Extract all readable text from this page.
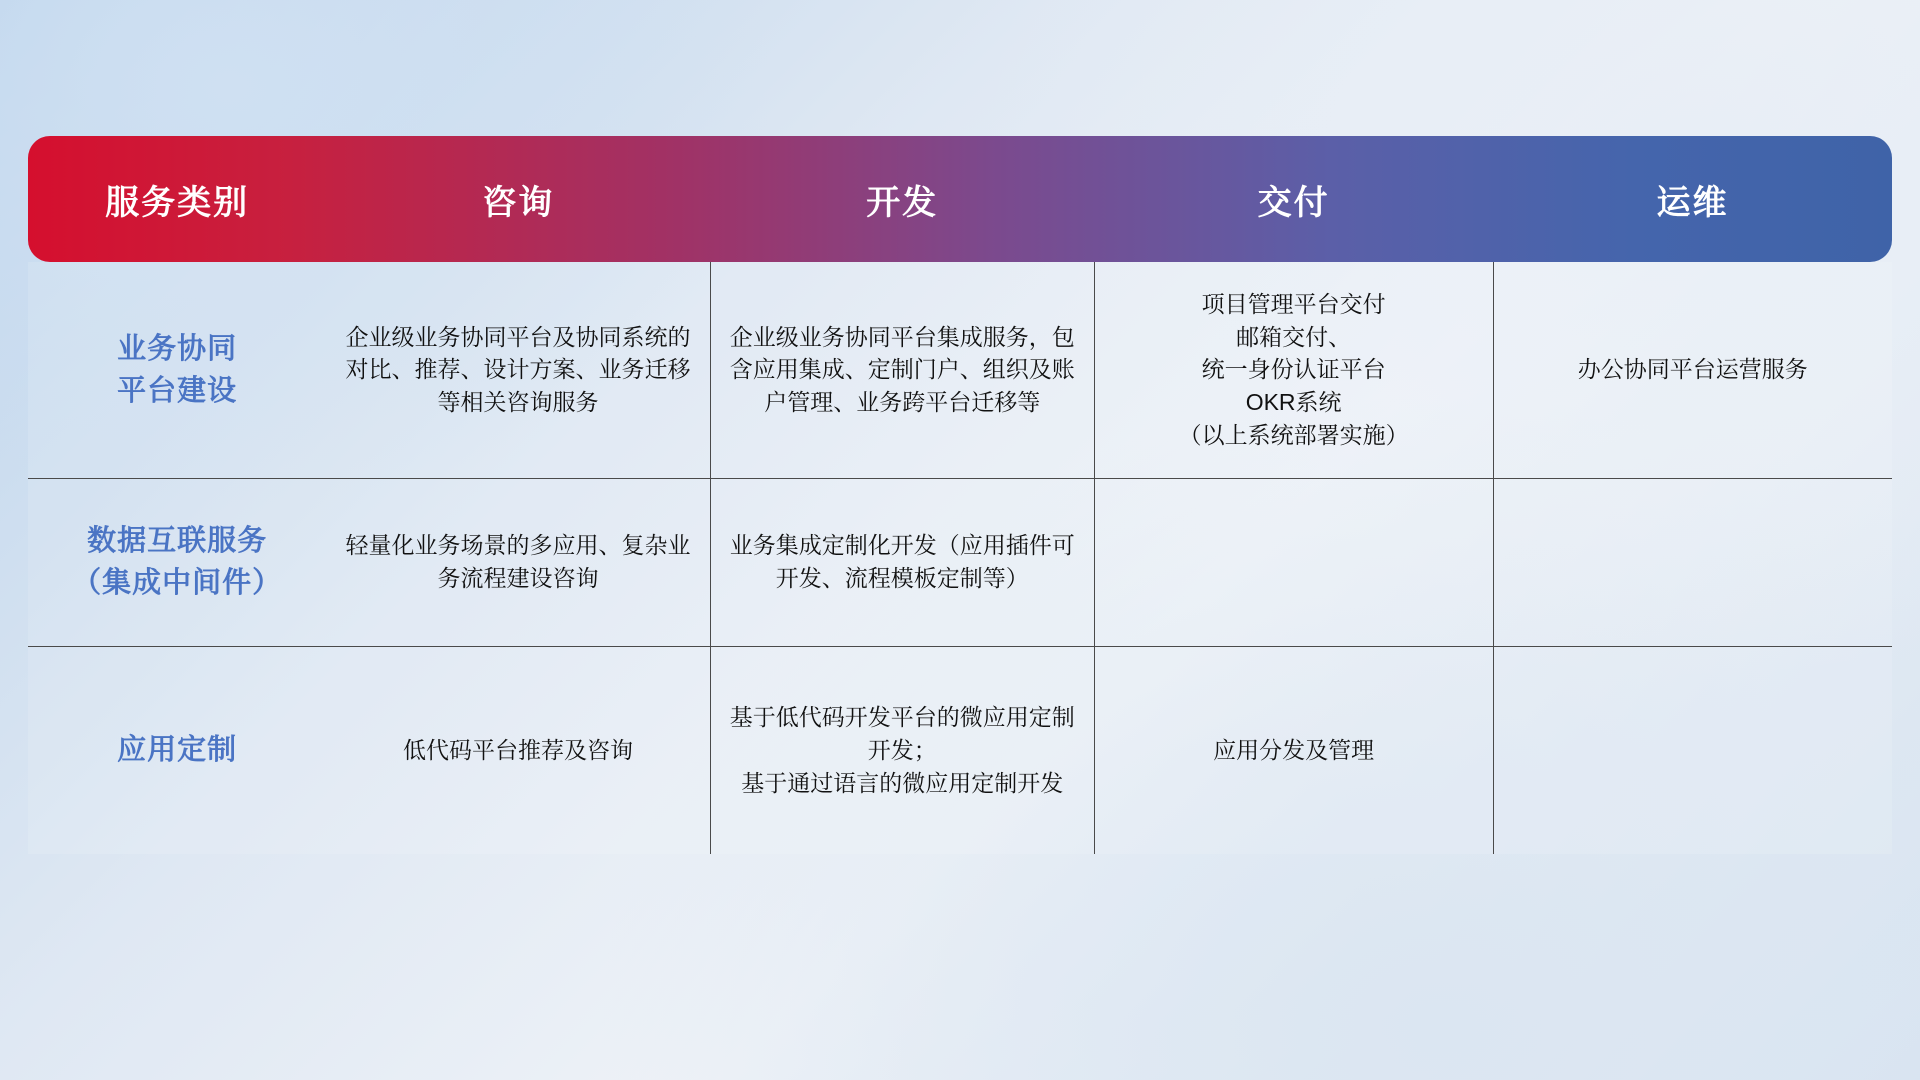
服务类别	咨询	开发	交付	运维

业务协同
平台建设	企业级业务协同平台及协同系统的对比、推荐、设计方案、业务迁移等相关咨询服务	企业级业务协同平台集成服务，包含应用集成、定制门户、组织及账户管理、业务跨平台迁移等	项目管理平台交付
邮箱交付、
统一身份认证平台
OKR系统
（以上系统部署实施）	办公协同平台运营服务

数据互联服务
（集成中间件）	轻量化业务场景的多应用、复杂业务流程建设咨询	业务集成定制化开发（应用插件可开发、流程模板定制等）		

应用定制	低代码平台推荐及咨询	基于低代码开发平台的微应用定制开发；
基于通过语言的微应用定制开发	应用分发及管理	
